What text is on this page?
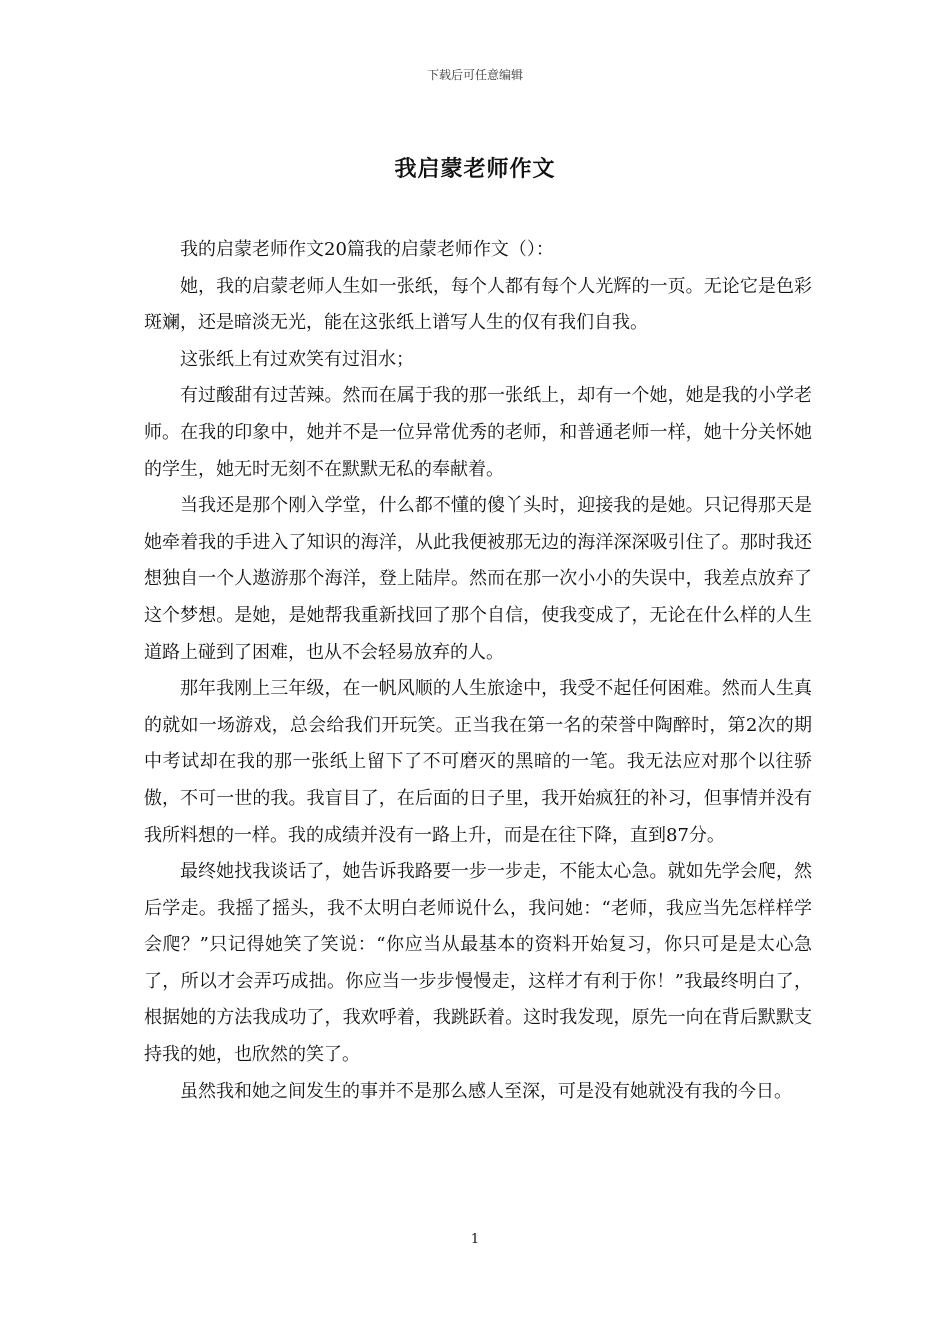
下载后可任意编辑
我启蒙老师作文

我的启蒙老师作文20篇我的启蒙老师作文（）：

她，我的启蒙老师人生如一张纸，每个人都有每个人光辉的一页。无论它是色彩斑斓，还是暗淡无光，能在这张纸上谱写人生的仅有我们自我。

这张纸上有过欢笑有过泪水；

有过酸甜有过苦辣。然而在属于我的那一张纸上，却有一个她，她是我的小学老师。在我的印象中，她并不是一位异常优秀的老师，和普通老师一样，她十分关怀她的学生，她无时无刻不在默默无私的奉献着。

当我还是那个刚入学堂，什么都不懂的傻丫头时，迎接我的是她。只记得那天是她牵着我的手进入了知识的海洋，从此我便被那无边的海洋深深吸引住了。那时我还想独自一个人遨游那个海洋，登上陆岸。然而在那一次小小的失误中，我差点放弃了这个梦想。是她，是她帮我重新找回了那个自信，使我变成了，无论在什么样的人生道路上碰到了困难，也从不会轻易放弃的人。

那年我刚上三年级，在一帆风顺的人生旅途中，我受不起任何困难。然而人生真的就如一场游戏，总会给我们开玩笑。正当我在第一名的荣誉中陶醉时，第2次的期中考试却在我的那一张纸上留下了不可磨灭的黑暗的一笔。我无法应对那个以往骄傲，不可一世的我。我盲目了，在后面的日子里，我开始疯狂的补习，但事情并没有我所料想的一样。我的成绩并没有一路上升，而是在往下降，直到87分。

最终她找我谈话了，她告诉我路要一步一步走，不能太心急。就如先学会爬，然后学走。我摇了摇头，我不太明白老师说什么，我问她：“老师，我应当先怎样样学会爬？”只记得她笑了笑说：“你应当从最基本的资料开始复习，你只可是是太心急了，所以才会弄巧成拙。你应当一步步慢慢走，这样才有利于你！”我最终明白了，根据她的方法我成功了，我欢呼着，我跳跃着。这时我发现，原先一向在背后默默支持我的她，也欣然的笑了。

虽然我和她之间发生的事并不是那么感人至深，可是没有她就没有我的今日。

1
